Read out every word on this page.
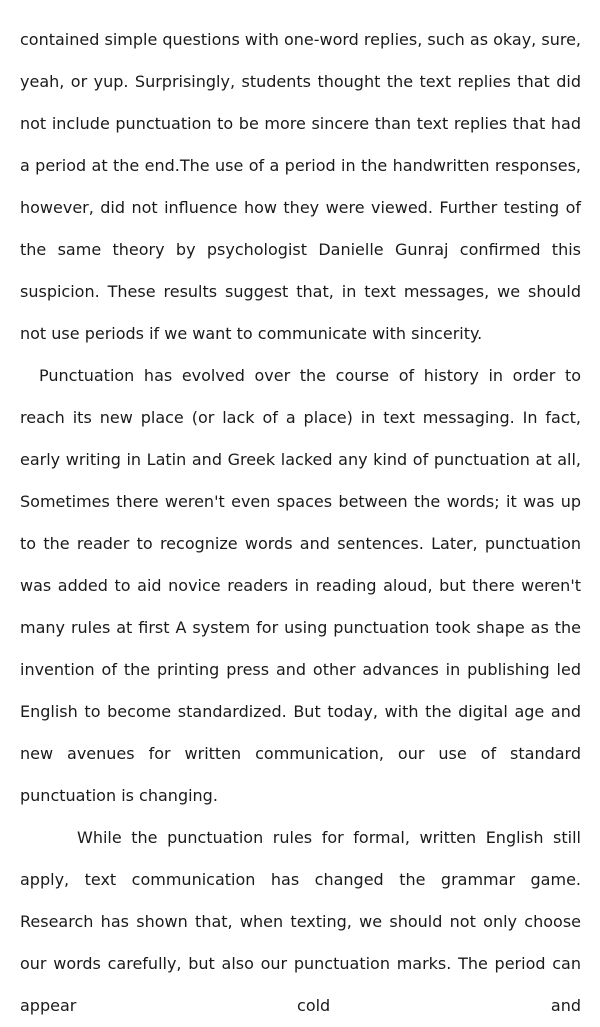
contained simple questions with one-word replies, such as okay, sure, yeah, or yup. Surprisingly, students thought the text replies that did not include punctuation to be more sincere than text replies that had a period at the end.The use of a period in the handwritten responses, however, did not influence how they were viewed. Further testing of the same theory by psychologist Danielle Gunraj confirmed this suspicion. These results suggest that, in text messages, we should not use periods if we want to communicate with sincerity.

Punctuation has evolved over the course of history in order to reach its new place (or lack of a place) in text messaging. In fact, early writing in Latin and Greek lacked any kind of punctuation at all, Sometimes there weren't even spaces between the words; it was up to the reader to recognize words and sentences. Later, punctuation was added to aid novice readers in reading aloud, but there weren't many rules at first A system for using punctuation took shape as the invention of the printing press and other advances in publishing led English to become standardized. But today, with the digital age and new avenues for written communication, our use of standard punctuation is changing.

While the punctuation rules for formal, written English still apply, text communication has changed the grammar game. Research has shown that, when texting, we should not only choose our words carefully, but also our punctuation marks. The period can appear cold and
